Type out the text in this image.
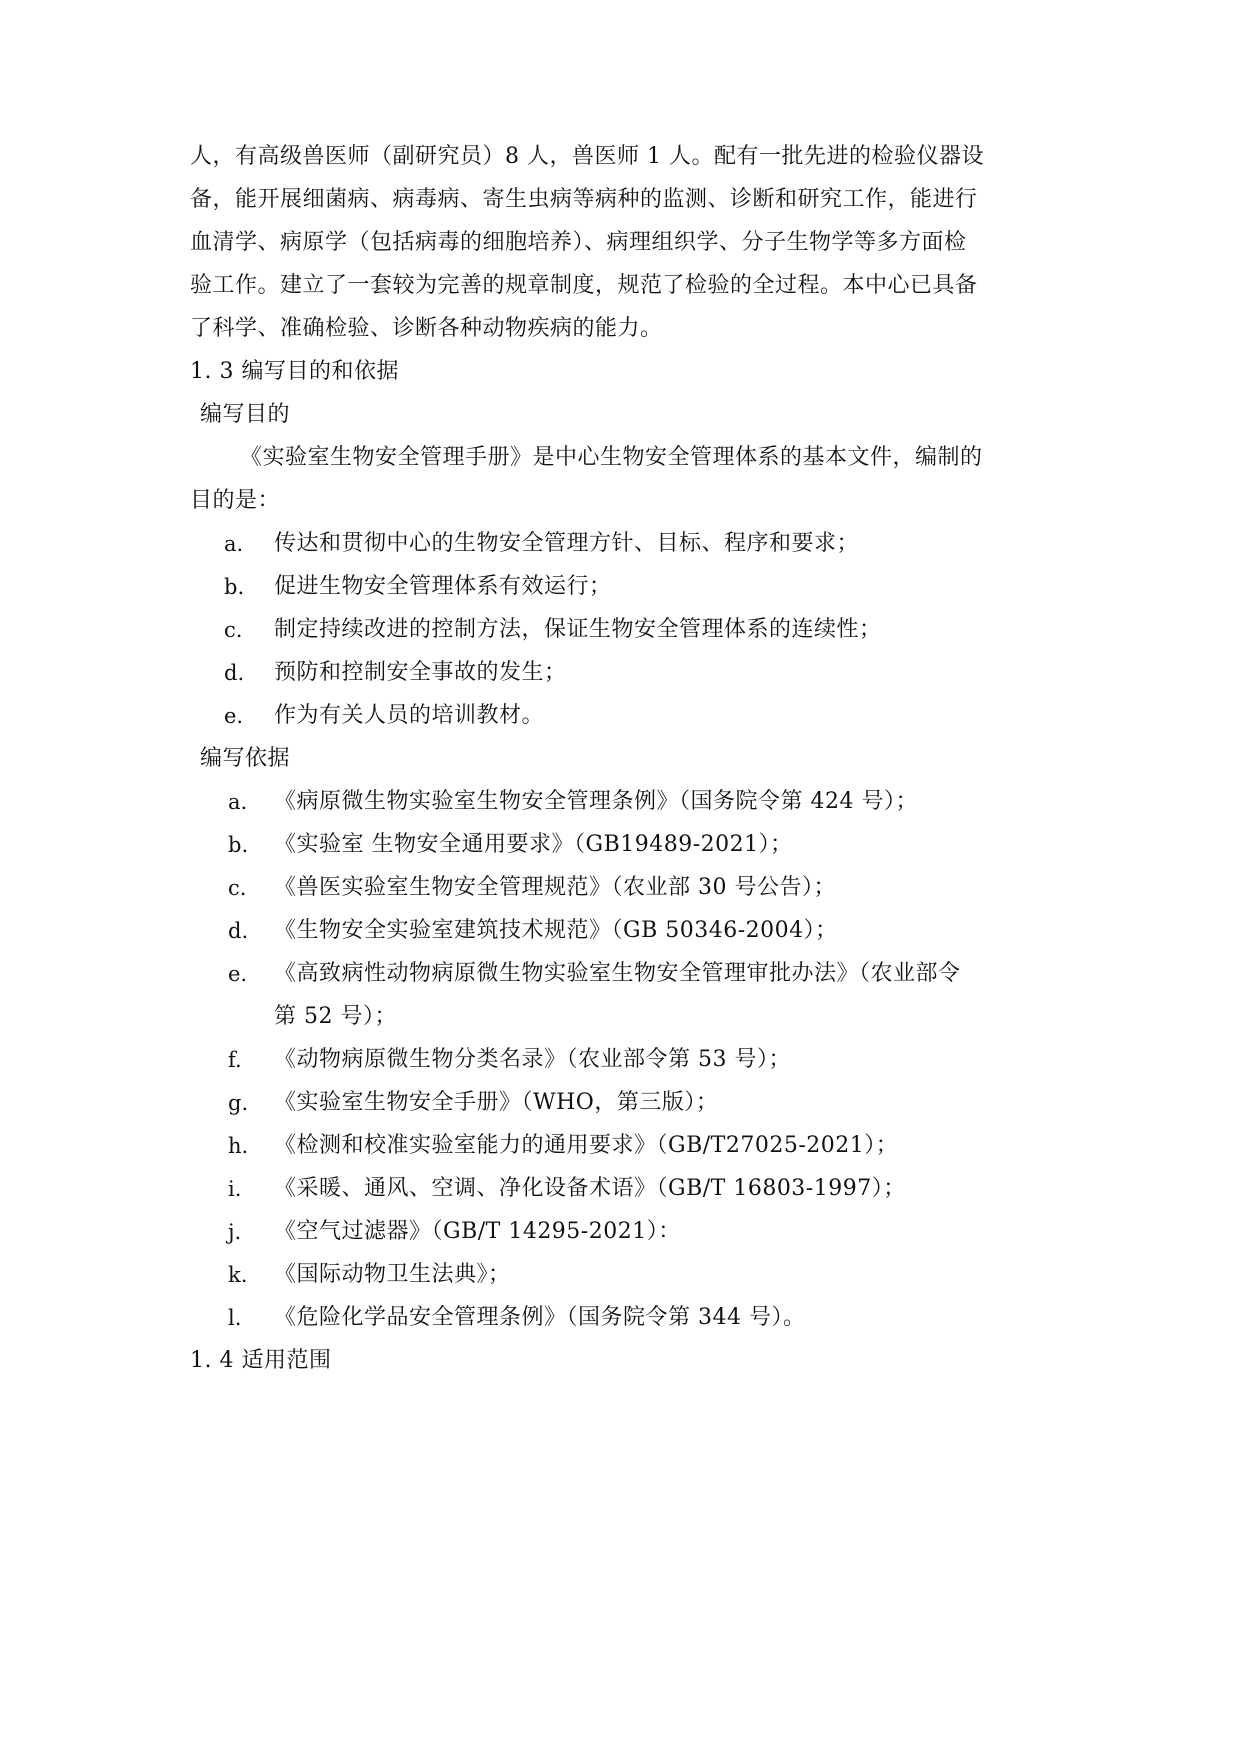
人，有高级兽医师（副研究员）8 人，兽医师 1 人。配有一批先进的检验仪器设
备，能开展细菌病、病毒病、寄生虫病等病种的监测、诊断和研究工作，能进行
血清学、病原学（包括病毒的细胞培养）、病理组织学、分子生物学等多方面检
验工作。建立了一套较为完善的规章制度，规范了检验的全过程。本中心已具备
了科学、准确检验、诊断各种动物疾病的能力。
1. 3 编写目的和依据
编写目的
《实验室生物安全管理手册》是中心生物安全管理体系的基本文件，编制的
目的是：
a.	传达和贯彻中心的生物安全管理方针、目标、程序和要求；
b.	促进生物安全管理体系有效运行；
c.	制定持续改进的控制方法，保证生物安全管理体系的连续性；
d.	预防和控制安全事故的发生；
e.	作为有关人员的培训教材。
编写依据
a.	《病原微生物实验室生物安全管理条例》（国务院令第 424 号）；
b.	《实验室 生物安全通用要求》（GB19489-2021）；
c.	《兽医实验室生物安全管理规范》（农业部 30 号公告）；
d.	《生物安全实验室建筑技术规范》（GB 50346-2004）；
e.	《高致病性动物病原微生物实验室生物安全管理审批办法》（农业部令
第 52 号）；
f.	《动物病原微生物分类名录》（农业部令第 53 号）；
g.	《实验室生物安全手册》（WHO，第三版）；
h.	《检测和校准实验室能力的通用要求》（GB/T27025-2021）；
i.	《采暖、通风、空调、净化设备术语》（GB/T 16803-1997）；
j.	《空气过滤器》（GB/T 14295-2021）：
k.	《国际动物卫生法典》；
l.	《危险化学品安全管理条例》（国务院令第 344 号）。
1. 4 适用范围
